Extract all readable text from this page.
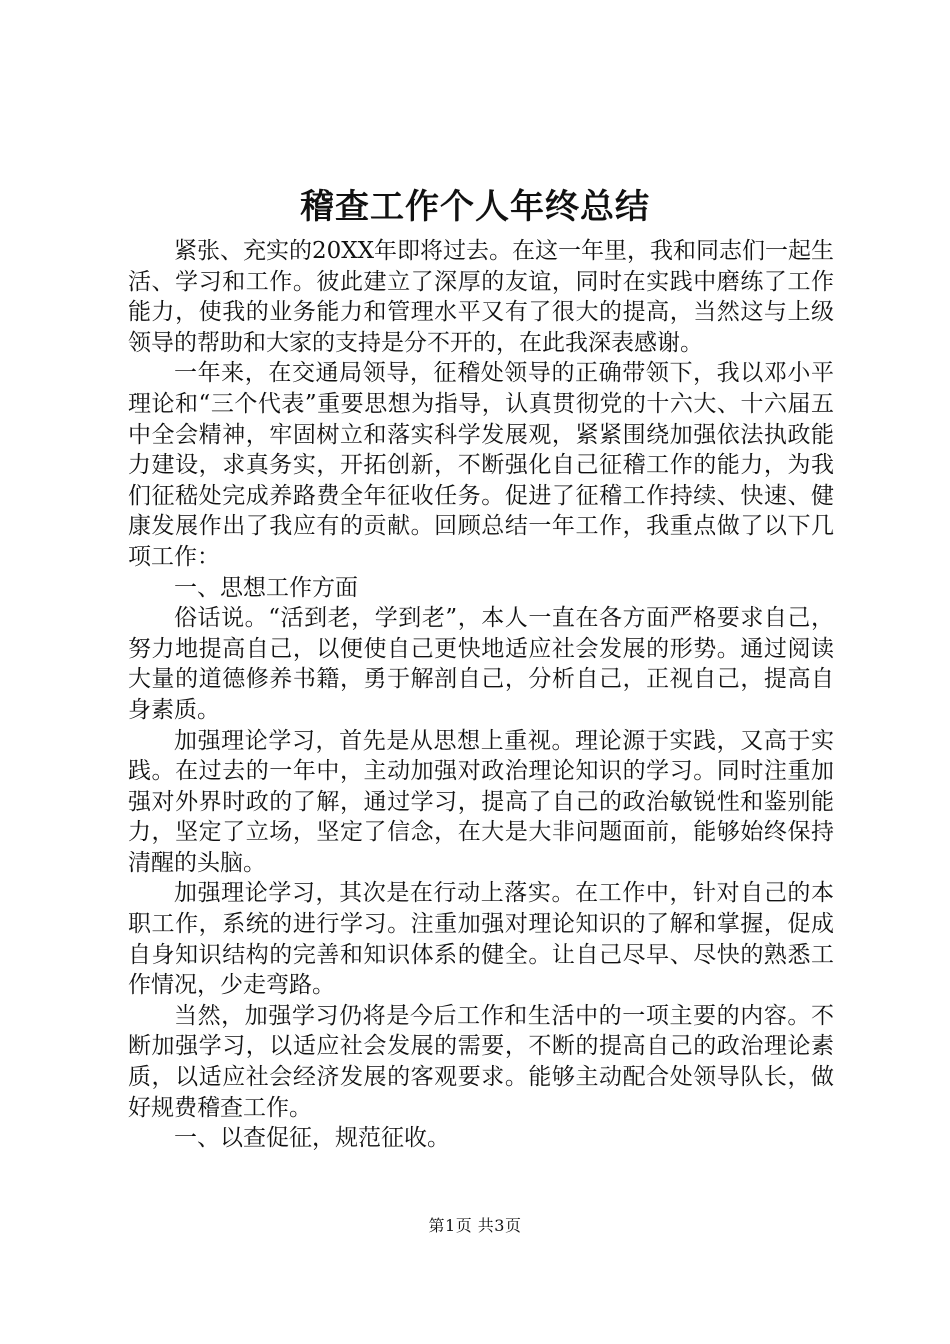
稽查工作个人年终总结

紧张、充实的20XX年即将过去。在这一年里，我和同志们一起生活、学习和工作。彼此建立了深厚的友谊，同时在实践中磨练了工作能力，使我的业务能力和管理水平又有了很大的提高，当然这与上级领导的帮助和大家的支持是分不开的，在此我深表感谢。

一年来，在交通局领导，征稽处领导的正确带领下，我以邓小平理论和“三个代表”重要思想为指导，认真贯彻党的十六大、十六届五中全会精神，牢固树立和落实科学发展观，紧紧围绕加强依法执政能力建设，求真务实，开拓创新，不断强化自己征稽工作的能力，为我们征嵇处完成养路费全年征收任务。促进了征稽工作持续、快速、健康发展作出了我应有的贡献。回顾总结一年工作，我重点做了以下几项工作：

一、思想工作方面

俗话说。“活到老，学到老”，本人一直在各方面严格要求自己，努力地提高自己，以便使自己更快地适应社会发展的形势。通过阅读大量的道德修养书籍，勇于解剖自己，分析自己，正视自己，提高自身素质。

加强理论学习，首先是从思想上重视。理论源于实践，又高于实践。在过去的一年中，主动加强对政治理论知识的学习。同时注重加强对外界时政的了解，通过学习，提高了自己的政治敏锐性和鉴别能力，坚定了立场，坚定了信念，在大是大非问题面前，能够始终保持清醒的头脑。

加强理论学习，其次是在行动上落实。在工作中，针对自己的本职工作，系统的进行学习。注重加强对理论知识的了解和掌握，促成自身知识结构的完善和知识体系的健全。让自己尽早、尽快的熟悉工作情况，少走弯路。

当然，加强学习仍将是今后工作和生活中的一项主要的内容。不断加强学习，以适应社会发展的需要，不断的提高自己的政治理论素质，以适应社会经济发展的客观要求。能够主动配合处领导队长，做好规费稽查工作。

一、以查促征，规范征收。

第1页 共3页
